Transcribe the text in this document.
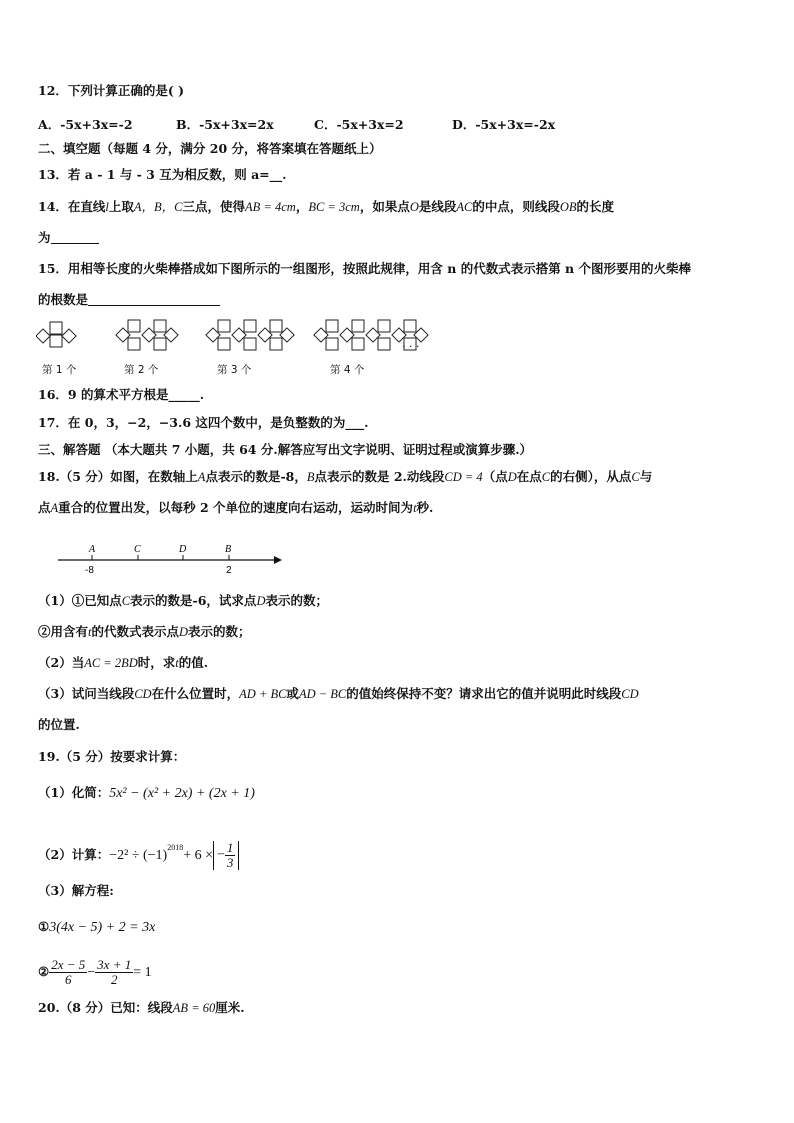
12．下列计算正确的是( )
A．-5x+3x=-2	B．-5x+3x=2x	C．-5x+3x=2	D．-5x+3x=-2x
二、填空题（每题 4 分，满分 20 分，将答案填在答题纸上）
13．若 a - 1 与 - 3 互为相反数，则 a=__.
14．在直线l上取A，B，C三点，使得AB = 4cm，BC = 3cm，如果点O是线段AC的中点，则线段OB的长度
为
15．用相等长度的火柴棒搭成如下图所示的一组图形，按照此规律，用含 n 的代数式表示搭第 n 个图形要用的火柴棒
的根数是
第 1 个	第 2 个	第 3 个	第 4 个
· · ·
16．9 的算术平方根是_____.
17．在 0，3，−2，−3.6 这四个数中，是负整数的为___.
三、解答题 （本大题共 7 小题，共 64 分.解答应写出文字说明、证明过程或演算步骤.）
18.（5 分）如图，在数轴上A点表示的数是-8，B点表示的数是 2.动线段CD = 4（点D在点C的右侧），从点C与
点A重合的位置出发，以每秒 2 个单位的速度向右运动，运动时间为t秒.
A	C	D	B
-8	2
（1）①已知点C表示的数是-6，试求点D表示的数；
②用含有t的代数式表示点D表示的数；
（2）当AC = 2BD时，求t的值.
（3）试问当线段CD在什么位置时，AD + BC或AD − BC的值始终保持不变？请求出它的值并说明此时线段CD
的位置.
19.（5 分）按要求计算：
（1）化简：5x² − (x² + 2x) + (2x + 1)
（2）计算：$-2^2 \div (-1)^{2018}+ 6$ × − $\frac{1}{3}$
（3）解方程:
①3(4x − 5) + 2 = 3x
② $\frac{2x - 5}{6} - \frac{3x + 1}{2} = 1$
20.（8 分）已知：线段AB = 60厘米.
